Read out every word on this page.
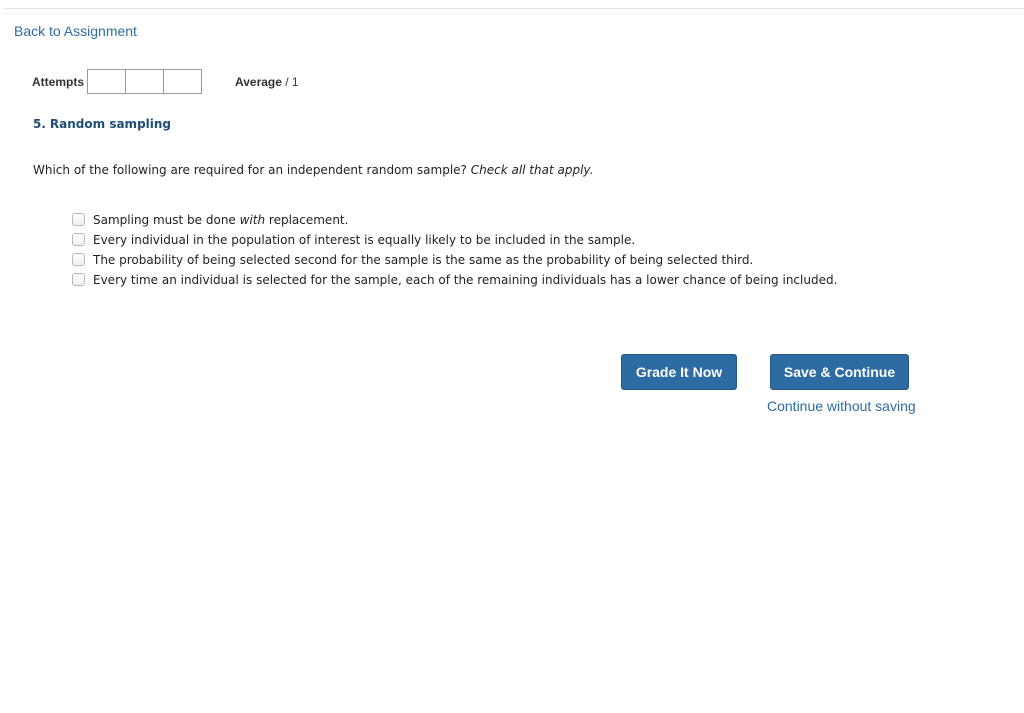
Back to Assignment
Attempts	Average / 1
5. Random sampling
Which of the following are required for an independent random sample? Check all that apply.
Sampling must be done with replacement.
Every individual in the population of interest is equally likely to be included in the sample.
The probability of being selected second for the sample is the same as the probability of being selected third.
Every time an individual is selected for the sample, each of the remaining individuals has a lower chance of being included.
Grade It Now	Save & Continue
Continue without saving
